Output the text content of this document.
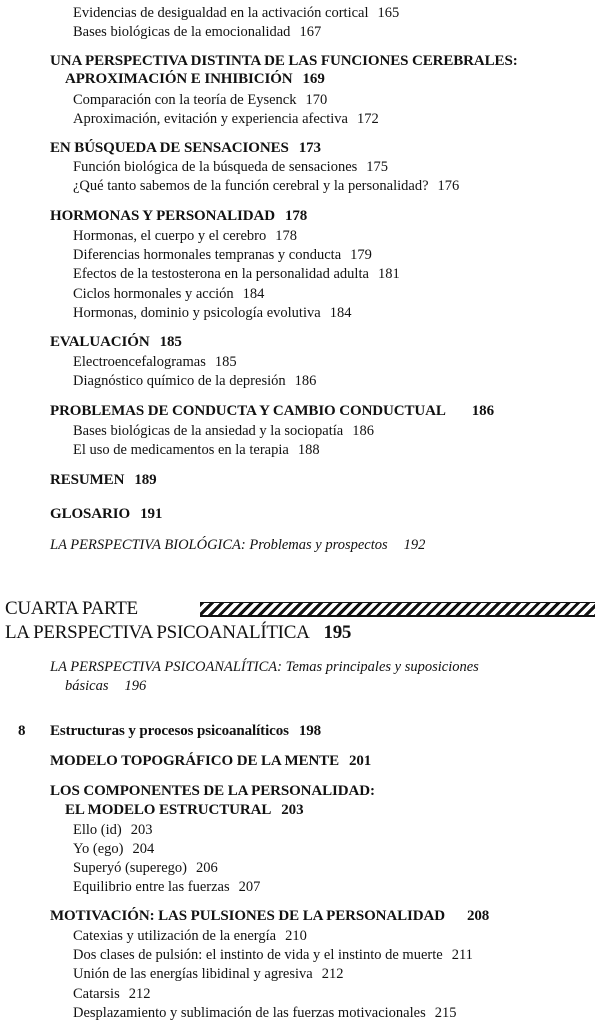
Evidencias de desigualdad en la activación cortical 165
Bases biológicas de la emocionalidad 167
UNA PERSPECTIVA DISTINTA DE LAS FUNCIONES CEREBRALES:
APROXIMACIÓN E INHIBICIÓN 169
Comparación con la teoría de Eysenck 170
Aproximación, evitación y experiencia afectiva 172
EN BÚSQUEDA DE SENSACIONES 173
Función biológica de la búsqueda de sensaciones 175
¿Qué tanto sabemos de la función cerebral y la personalidad? 176
HORMONAS Y PERSONALIDAD 178
Hormonas, el cuerpo y el cerebro 178
Diferencias hormonales tempranas y conducta 179
Efectos de la testosterona en la personalidad adulta 181
Ciclos hormonales y acción 184
Hormonas, dominio y psicología evolutiva 184
EVALUACIÓN 185
Electroencefalogramas 185
Diagnóstico químico de la depresión 186
PROBLEMAS DE CONDUCTA Y CAMBIO CONDUCTUAL 186
Bases biológicas de la ansiedad y la sociopatía 186
El uso de medicamentos en la terapia 188
RESUMEN 189
GLOSARIO 191
LA PERSPECTIVA BIOLÓGICA: Problemas y prospectos 192
CUARTA PARTE
LA PERSPECTIVA PSICOANALÍTICA 195
LA PERSPECTIVA PSICOANALÍTICA: Temas principales y suposiciones
básicas 196
8 Estructuras y procesos psicoanalíticos 198
MODELO TOPOGRÁFICO DE LA MENTE 201
LOS COMPONENTES DE LA PERSONALIDAD:
EL MODELO ESTRUCTURAL 203
Ello (id) 203
Yo (ego) 204
Superyó (superego) 206
Equilibrio entre las fuerzas 207
MOTIVACIÓN: LAS PULSIONES DE LA PERSONALIDAD 208
Catexias y utilización de la energía 210
Dos clases de pulsión: el instinto de vida y el instinto de muerte 211
Unión de las energías libidinal y agresiva 212
Catarsis 212
Desplazamiento y sublimación de las fuerzas motivacionales 215
